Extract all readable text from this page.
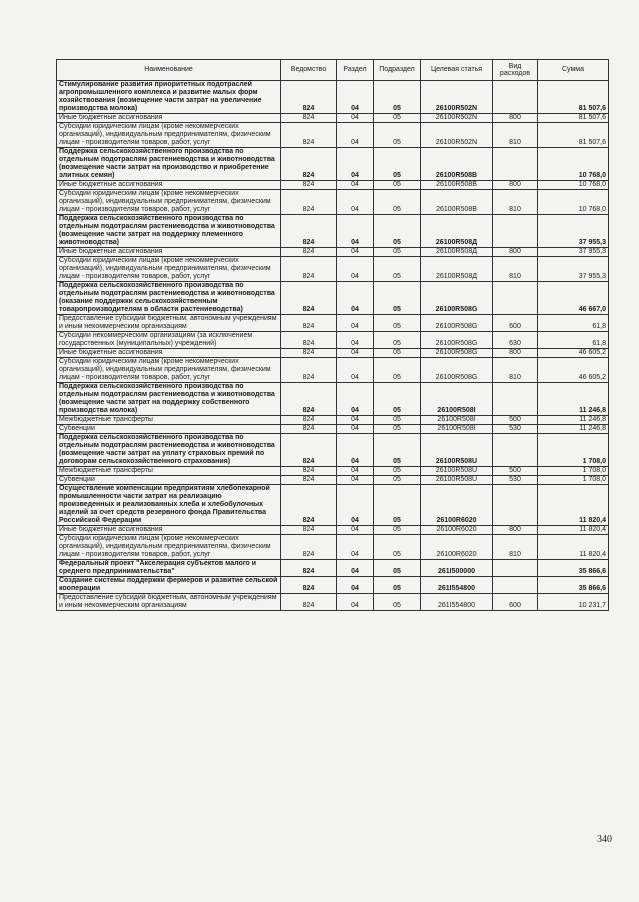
Наименование	Ведомство	Раздел	Подраздел	Целевая статья	Вид расходов	Сумма
Стимулирование развития приоритетных подотраслей агропромышленного комплекса и развитие малых форм хозяйствования (возмещение части затрат на увеличение производства молока)	824	04	05	26100R502N		81 507,6
Иные бюджетные ассигнования	824	04	05	26100R502N	800	81 507,6
Субсидии юридическим лицам (кроме некоммерческих организаций), индивидуальным предпринимателям, физическим лицам - производителям товаров, работ, услуг	824	04	05	26100R502N	810	81 507,6
Поддержка сельскохозяйственного производства по отдельным подотраслям растениеводства и животноводства (возмещение части затрат на производство и приобретение элитных семян)	824	04	05	26100R508B		10 768,0
Иные бюджетные ассигнования	824	04	05	26100R508B	800	10 768,0
Субсидии юридическим лицам (кроме некоммерческих организаций), индивидуальным предпринимателям, физическим лицам - производителям товаров, работ, услуг	824	04	05	26100R508B	810	10 768,0
Поддержка сельскохозяйственного производства по отдельным подотраслям растениеводства и животноводства (возмещение части затрат на поддержку племенного животноводства)	824	04	05	26100R508Д		37 955,3
Иные бюджетные ассигнования	824	04	05	26100R508Д	800	37 955,3
Субсидии юридическим лицам (кроме некоммерческих организаций), индивидуальным предпринимателям, физическим лицам - производителям товаров, работ, услуг	824	04	05	26100R508Д	810	37 955,3
Поддержка сельскохозяйственного производства по отдельным подотраслям растениеводства и животноводства (оказание поддержки сельскохозяйственным товаропроизводителям в области растениеводства)	824	04	05	26100R508G		46 667,0
Предоставление субсидий бюджетным, автономным учреждениям и иным некоммерческим организациям	824	04	05	26100R508G	600	61,8
Субсидии некоммерческим организациям (за исключением государственных (муниципальных) учреждений)	824	04	05	26100R508G	630	61,8
Иные бюджетные ассигнования	824	04	05	26100R508G	800	46 605,2
Субсидии юридическим лицам (кроме некоммерческих организаций), индивидуальным предпринимателям, физическим лицам - производителям товаров, работ, услуг	824	04	05	26100R508G	810	46 605,2
Поддержка сельскохозяйственного производства по отдельным подотраслям растениеводства и животноводства (возмещение части затрат на поддержку собственного производства молока)	824	04	05	26100R508I		11 246,8
Межбюджетные трансферты	824	04	05	26100R508I	500	11 246,8
Субвенции	824	04	05	26100R508I	530	11 246,8
Поддержка сельскохозяйственного производства по отдельным подотраслям растениеводства и животноводства (возмещение части затрат на уплату страховых премий по договорам сельскохозяйственного страхования)	824	04	05	26100R508U		1 708,0
Межбюджетные трансферты	824	04	05	26100R508U	500	1 708,0
Субвенции	824	04	05	26100R508U	530	1 708,0
Осуществление компенсации предприятиям хлебопекарной промышленности части затрат на реализацию произведенных и реализованных хлеба и хлебобулочных изделий за счет средств резервного фонда Правительства Российской Федерации	824	04	05	26100R6020		11 820,4
Иные бюджетные ассигнования	824	04	05	26100R6020	800	11 820,4
Субсидии юридическим лицам (кроме некоммерческих организаций), индивидуальным предпринимателям, физическим лицам - производителям товаров, работ, услуг	824	04	05	26100R6020	810	11 820,4
Федеральный проект "Акселерация субъектов малого и среднего предпринимательства"	824	04	05	261I500000		35 866,6
Создание системы поддержки фермеров и развитие сельской кооперации	824	04	05	261I554800		35 866,6
Предоставление субсидий бюджетным, автономным учреждениям и иным некоммерческим организациям	824	04	05	261I554800	600	10 231,7
340
